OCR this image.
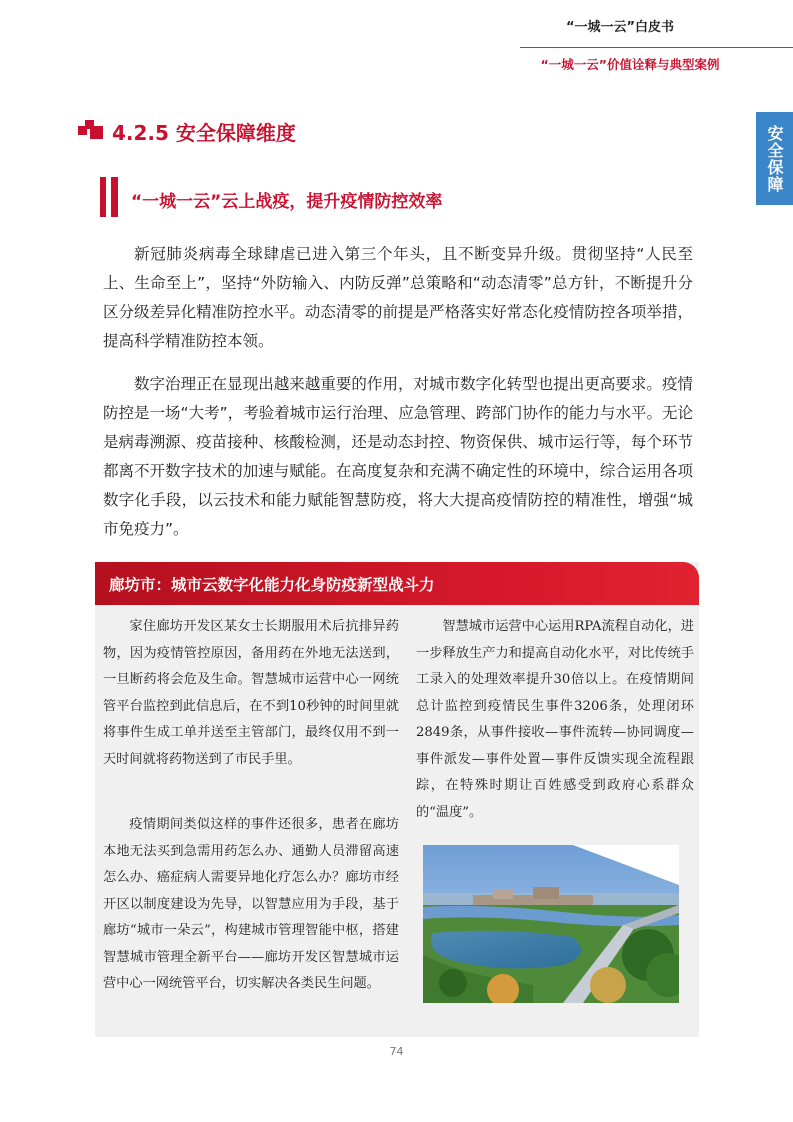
“一城一云”白皮书
“一城一云”价值诠释与典型案例
安全保障
4.2.5 安全保障维度
“一城一云”云上战疫，提升疫情防控效率

新冠肺炎病毒全球肆虐已进入第三个年头，且不断变异升级。贯彻坚持“人民至上、生命至上”，坚持“外防输入、内防反弹”总策略和“动态清零”总方针，不断提升分区分级差异化精准防控水平。动态清零的前提是严格落实好常态化疫情防控各项举措，提高科学精准防控本领。

数字治理正在显现出越来越重要的作用，对城市数字化转型也提出更高要求。疫情防控是一场“大考”，考验着城市运行治理、应急管理、跨部门协作的能力与水平。无论是病毒溯源、疫苗接种、核酸检测，还是动态封控、物资保供、城市运行等，每个环节都离不开数字技术的加速与赋能。在高度复杂和充满不确定性的环境中，综合运用各项数字化手段，以云技术和能力赋能智慧防疫，将大大提高疫情防控的精准性，增强“城市免疫力”。

廊坊市：城市云数字化能力化身防疫新型战斗力

家住廊坊开发区某女士长期服用术后抗排异药物，因为疫情管控原因，备用药在外地无法送到，一旦断药将会危及生命。智慧城市运营中心一网统管平台监控到此信息后，在不到10秒钟的时间里就将事件生成工单并送至主管部门，最终仅用不到一天时间就将药物送到了市民手里。

疫情期间类似这样的事件还很多，患者在廊坊本地无法买到急需用药怎么办、通勤人员滞留高速怎么办、癌症病人需要异地化疗怎么办？廊坊市经开区以制度建设为先导，以智慧应用为手段，基于廊坊“城市一朵云”，构建城市管理智能中枢，搭建智慧城市管理全新平台——廊坊开发区智慧城市运营中心一网统管平台，切实解决各类民生问题。

智慧城市运营中心运用RPA流程自动化，进一步释放生产力和提高自动化水平，对比传统手工录入的处理效率提升30倍以上。在疫情期间总计监控到疫情民生事件3206条，处理闭环2849条，从事件接收—事件流转—协同调度—事件派发—事件处置—事件反馈实现全流程跟踪，在特殊时期让百姓感受到政府心系群众的“温度”。

74
